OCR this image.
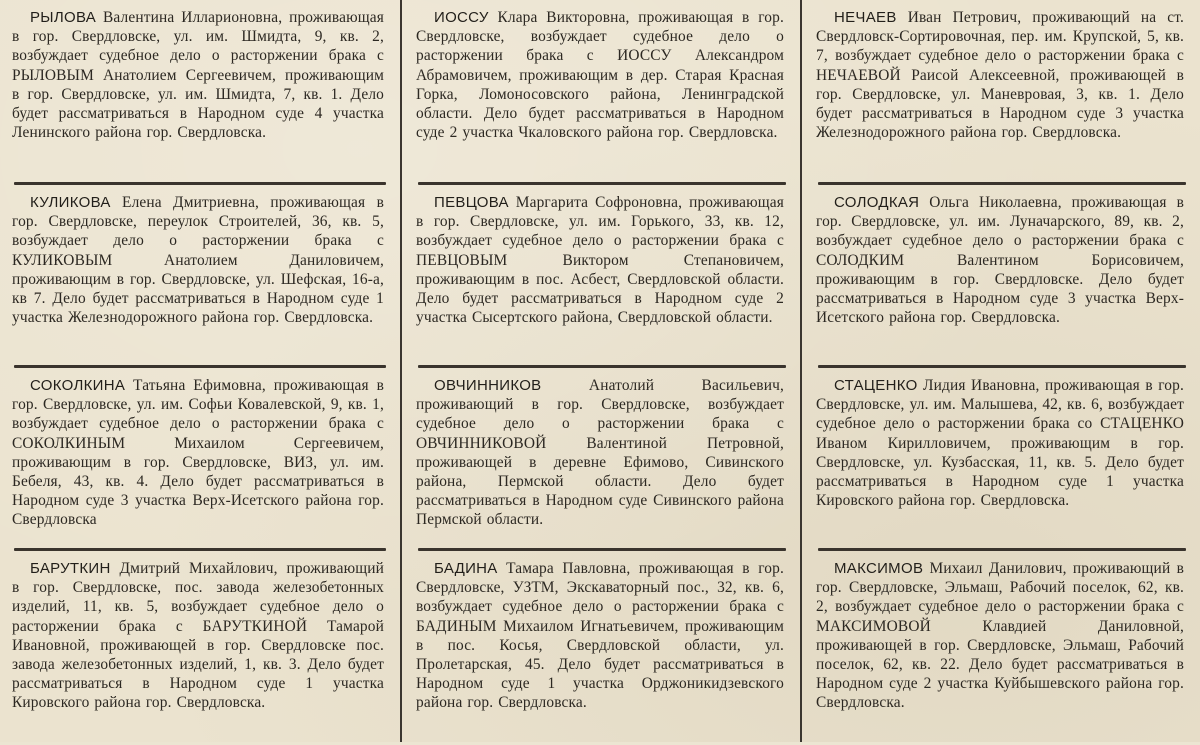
РЫЛОВА Валентина Илларионовна, проживающая в гор. Свердловске, ул. им. Шмидта, 9, кв. 2, возбуждает судебное дело о расторжении брака с РЫЛОВЫМ Анатолием Сергеевичем, проживающим в гор. Свердловске, ул. им. Шмидта, 7, кв. 1. Дело будет рассматриваться в Народном суде 4 участка Ленинского района гор. Свердловска.

КУЛИКОВА Елена Дмитриевна, проживающая в гор. Свердловске, переулок Строителей, 36, кв. 5, возбуждает дело о расторжении брака с КУЛИКОВЫМ Анатолием Даниловичем, проживающим в гор. Свердловске, ул. Шефская, 16-а, кв 7. Дело будет рассматриваться в Народном суде 1 участка Железнодорожного района гор. Свердловска.

СОКОЛКИНА Татьяна Ефимовна, проживающая в гор. Свердловске, ул. им. Софьи Ковалевской, 9, кв. 1, возбуждает судебное дело о расторжении брака с СОКОЛКИНЫМ Михаилом Сергеевичем, проживающим в гор. Свердловске, ВИЗ, ул. им. Бебеля, 43, кв. 4. Дело будет рассматриваться в Народном суде 3 участка Верх-Исетского района гор. Свердловска

БАРУТКИН Дмитрий Михайлович, проживающий в гор. Свердловске, пос. завода железобетонных изделий, 11, кв. 5, возбуждает судебное дело о расторжении брака с БАРУТКИНОЙ Тамарой Ивановной, проживающей в гор. Свердловске пос. завода железобетонных изделий, 1, кв. 3. Дело будет рассматриваться в Народном суде 1 участка Кировского района гор. Свердловска.

ИОССУ Клара Викторовна, проживающая в гор. Свердловске, возбуждает судебное дело о расторжении брака с ИОССУ Александром Абрамовичем, проживающим в дер. Старая Красная Горка, Ломоносовского района, Ленинградской области. Дело будет рассматриваться в Народном суде 2 участка Чкаловского района гор. Свердловска.

ПЕВЦОВА Маргарита Софроновна, проживающая в гор. Свердловске, ул. им. Горького, 33, кв. 12, возбуждает судебное дело о расторжении брака с ПЕВЦОВЫМ Виктором Степановичем, проживающим в пос. Асбест, Свердловской области. Дело будет рассматриваться в Народном суде 2 участка Сысертского района, Свердловской области.

ОВЧИННИКОВ Анатолий Васильевич, проживающий в гор. Свердловске, возбуждает судебное дело о расторжении брака с ОВЧИННИКОВОЙ Валентиной Петровной, проживающей в деревне Ефимово, Сивинского района, Пермской области. Дело будет рассматриваться в Народном суде Сивинского района Пермской области.

БАДИНА Тамара Павловна, проживающая в гор. Свердловске, УЗТМ, Экскаваторный пос., 32, кв. 6, возбуждает судебное дело о расторжении брака с БАДИНЫМ Михаилом Игнатьевичем, проживающим в пос. Косья, Свердловской области, ул. Пролетарская, 45. Дело будет рассматриваться в Народном суде 1 участка Орджоникидзевского района гор. Свердловска.

НЕЧАЕВ Иван Петрович, проживающий на ст. Свердловск-Сортировочная, пер. им. Крупской, 5, кв. 7, возбуждает судебное дело о расторжении брака с НЕЧАЕВОЙ Раисой Алексеевной, проживающей в гор. Свердловске, ул. Маневровая, 3, кв. 1. Дело будет рассматриваться в Народном суде 3 участка Железнодорожного района гор. Свердловска.

СОЛОДКАЯ Ольга Николаевна, проживающая в гор. Свердловске, ул. им. Луначарского, 89, кв. 2, возбуждает судебное дело о расторжении брака с СОЛОДКИМ Валентином Борисовичем, проживающим в гор. Свердловске. Дело будет рассматриваться в Народном суде 3 участка Верх-Исетского района гор. Свердловска.

СТАЦЕНКО Лидия Ивановна, проживающая в гор. Свердловске, ул. им. Малышева, 42, кв. 6, возбуждает судебное дело о расторжении брака со СТАЦЕНКО Иваном Кирилловичем, проживающим в гор. Свердловске, ул. Кузбасская, 11, кв. 5. Дело будет рассматриваться в Народном суде 1 участка Кировского района гор. Свердловска.

МАКСИМОВ Михаил Данилович, проживающий в гор. Свердловске, Эльмаш, Рабочий поселок, 62, кв. 2, возбуждает судебное дело о расторжении брака с МАКСИМОВОЙ Клавдией Даниловной, проживающей в гор. Свердловске, Эльмаш, Рабочий поселок, 62, кв. 22. Дело будет рассматриваться в Народном суде 2 участка Куйбышевского района гор. Свердловска.
